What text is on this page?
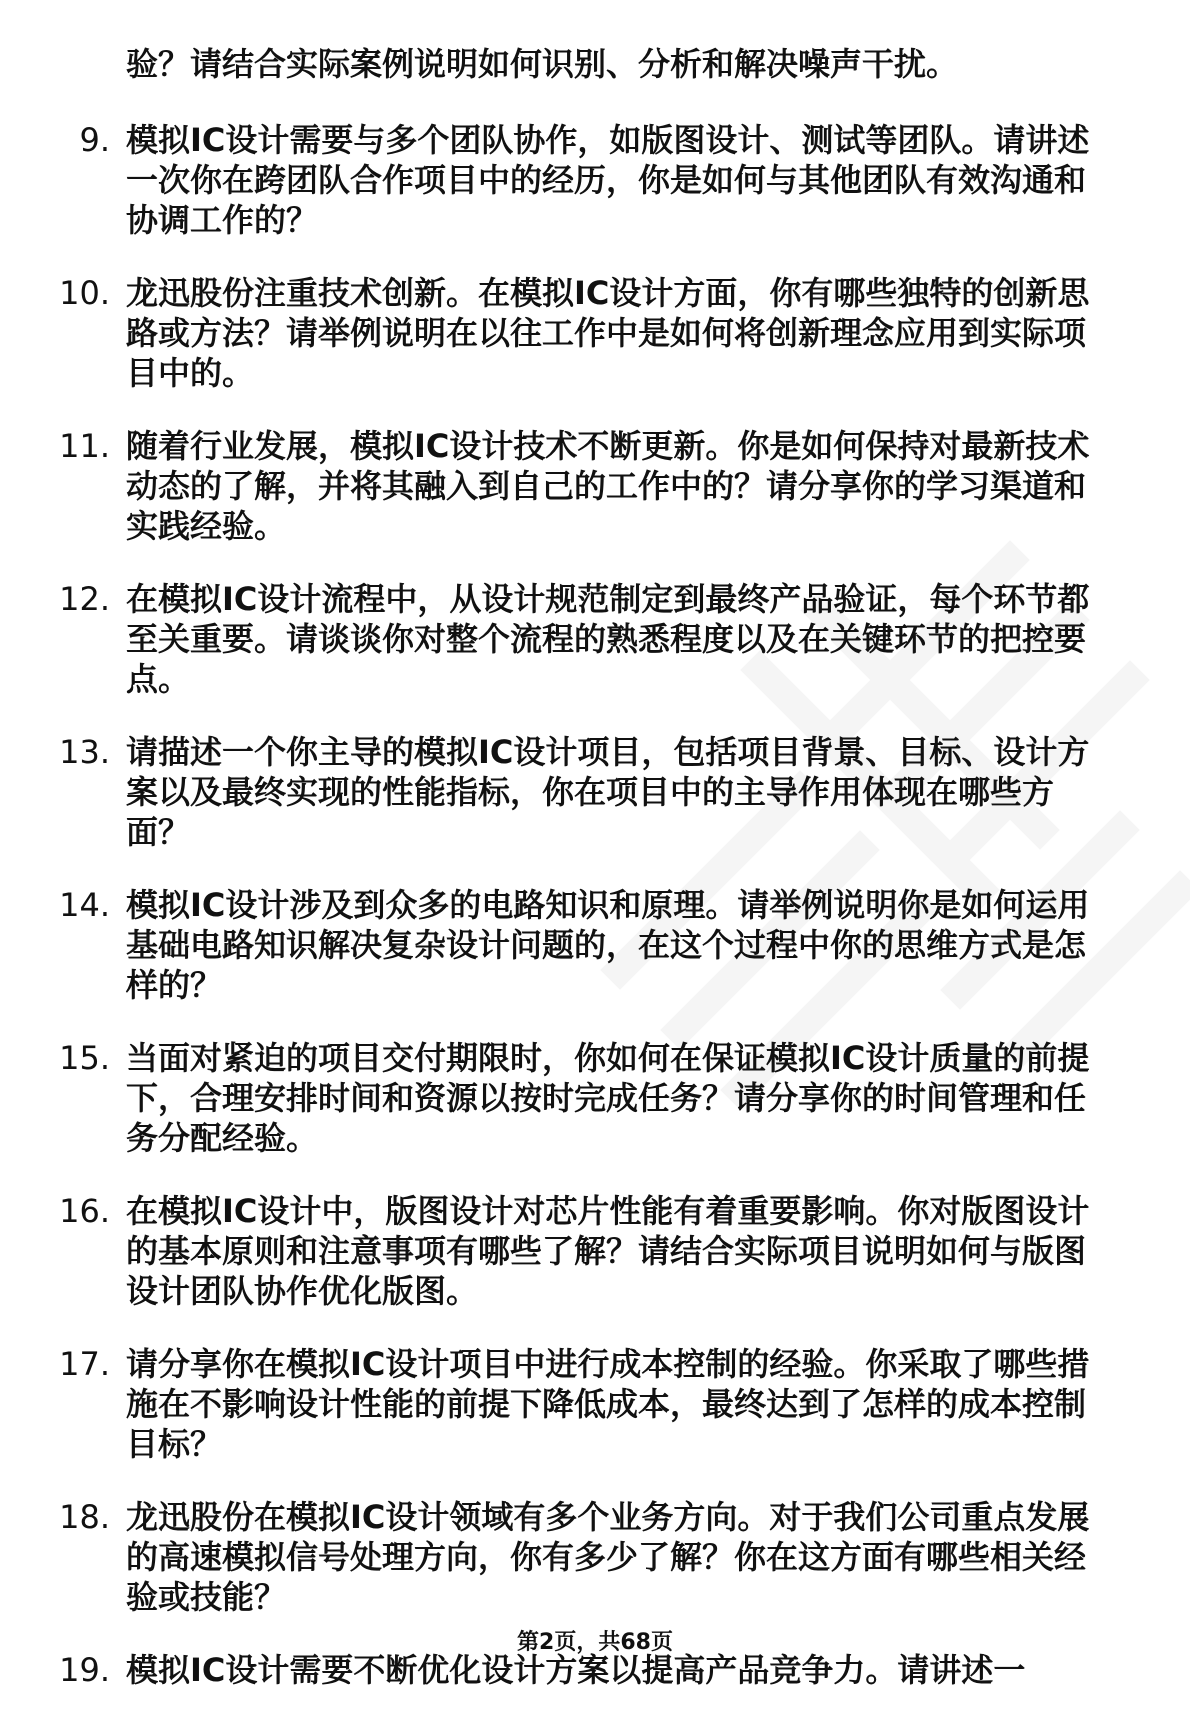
验？请结合实际案例说明如何识别、分析和解决噪声干扰。
9. 模拟IC设计需要与多个团队协作，如版图设计、测试等团队。请讲述一次你在跨团队合作项目中的经历，你是如何与其他团队有效沟通和协调工作的？
10. 龙迅股份注重技术创新。在模拟IC设计方面，你有哪些独特的创新思路或方法？请举例说明在以往工作中是如何将创新理念应用到实际项目中的。
11. 随着行业发展，模拟IC设计技术不断更新。你是如何保持对最新技术动态的了解，并将其融入到自己的工作中的？请分享你的学习渠道和实践经验。
12. 在模拟IC设计流程中，从设计规范制定到最终产品验证，每个环节都至关重要。请谈谈你对整个流程的熟悉程度以及在关键环节的把控要点。
13. 请描述一个你主导的模拟IC设计项目，包括项目背景、目标、设计方案以及最终实现的性能指标，你在项目中的主导作用体现在哪些方面？
14. 模拟IC设计涉及到众多的电路知识和原理。请举例说明你是如何运用基础电路知识解决复杂设计问题的，在这个过程中你的思维方式是怎样的？
15. 当面对紧迫的项目交付期限时，你如何在保证模拟IC设计质量的前提下，合理安排时间和资源以按时完成任务？请分享你的时间管理和任务分配经验。
16. 在模拟IC设计中，版图设计对芯片性能有着重要影响。你对版图设计的基本原则和注意事项有哪些了解？请结合实际项目说明如何与版图设计团队协作优化版图。
17. 请分享你在模拟IC设计项目中进行成本控制的经验。你采取了哪些措施在不影响设计性能的前提下降低成本，最终达到了怎样的成本控制目标？
18. 龙迅股份在模拟IC设计领域有多个业务方向。对于我们公司重点发展的高速模拟信号处理方向，你有多少了解？你在这方面有哪些相关经验或技能？
19. 模拟IC设计需要不断优化设计方案以提高产品竞争力。请讲述一
第2页，共68页
